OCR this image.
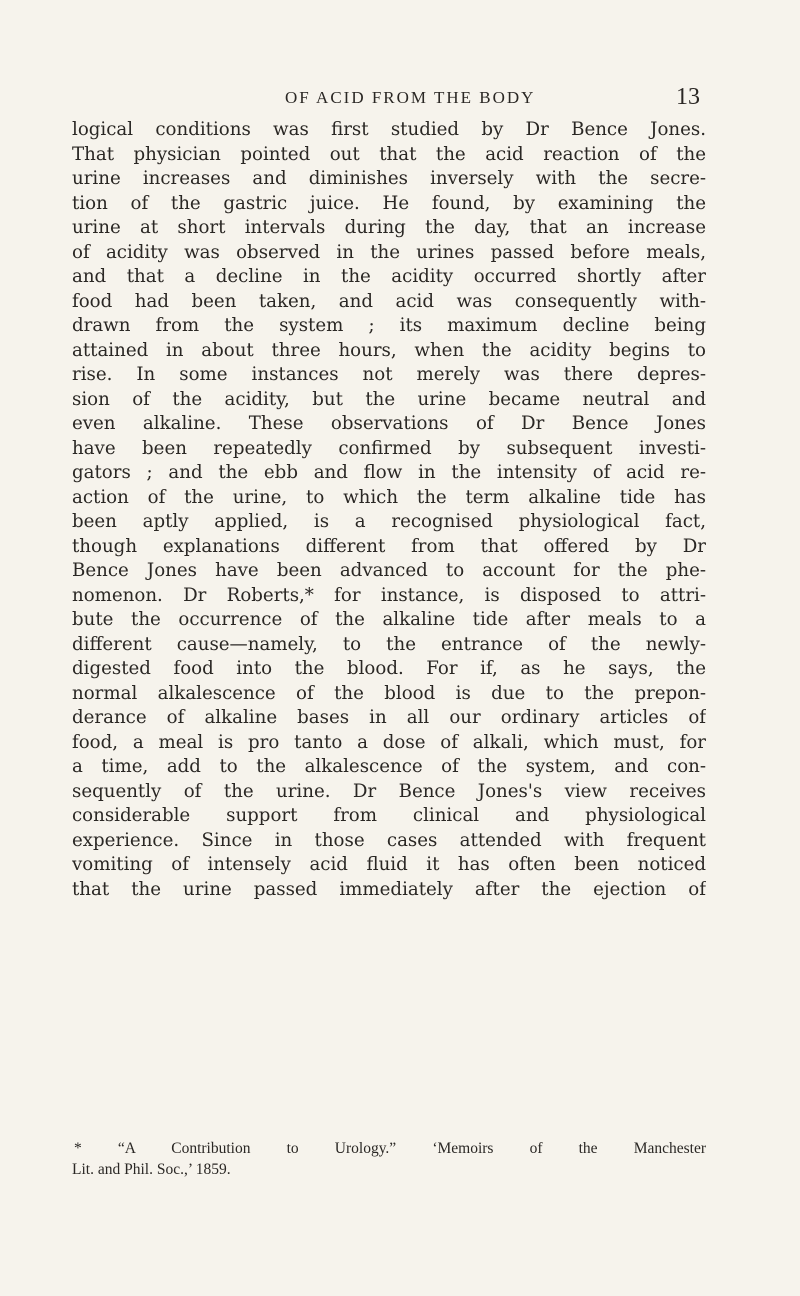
OF ACID FROM THE BODY	13
logical conditions was first studied by Dr Bence Jones.
That physician pointed out that the acid reaction of the
urine increases and diminishes inversely with the secre-
tion of the gastric juice. He found, by examining the
urine at short intervals during the day, that an increase
of acidity was observed in the urines passed before meals,
and that a decline in the acidity occurred shortly after
food had been taken, and acid was consequently with-
drawn from the system ; its maximum decline being
attained in about three hours, when the acidity begins to
rise. In some instances not merely was there depres-
sion of the acidity, but the urine became neutral and
even alkaline. These observations of Dr Bence Jones
have been repeatedly confirmed by subsequent investi-
gators ; and the ebb and flow in the intensity of acid re-
action of the urine, to which the term alkaline tide has
been aptly applied, is a recognised physiological fact,
though explanations different from that offered by Dr
Bence Jones have been advanced to account for the phe-
nomenon. Dr Roberts,* for instance, is disposed to attri-
bute the occurrence of the alkaline tide after meals to a
different cause—namely, to the entrance of the newly-
digested food into the blood. For if, as he says, the
normal alkalescence of the blood is due to the prepon-
derance of alkaline bases in all our ordinary articles of
food, a meal is pro tanto a dose of alkali, which must, for
a time, add to the alkalescence of the system, and con-
sequently of the urine. Dr Bence Jones's view receives
considerable support from clinical and physiological
experience. Since in those cases attended with frequent
vomiting of intensely acid fluid it has often been noticed
that the urine passed immediately after the ejection of
* “A Contribution to Urology.” ‘Memoirs of the Manchester
Lit. and Phil. Soc.,’ 1859.
